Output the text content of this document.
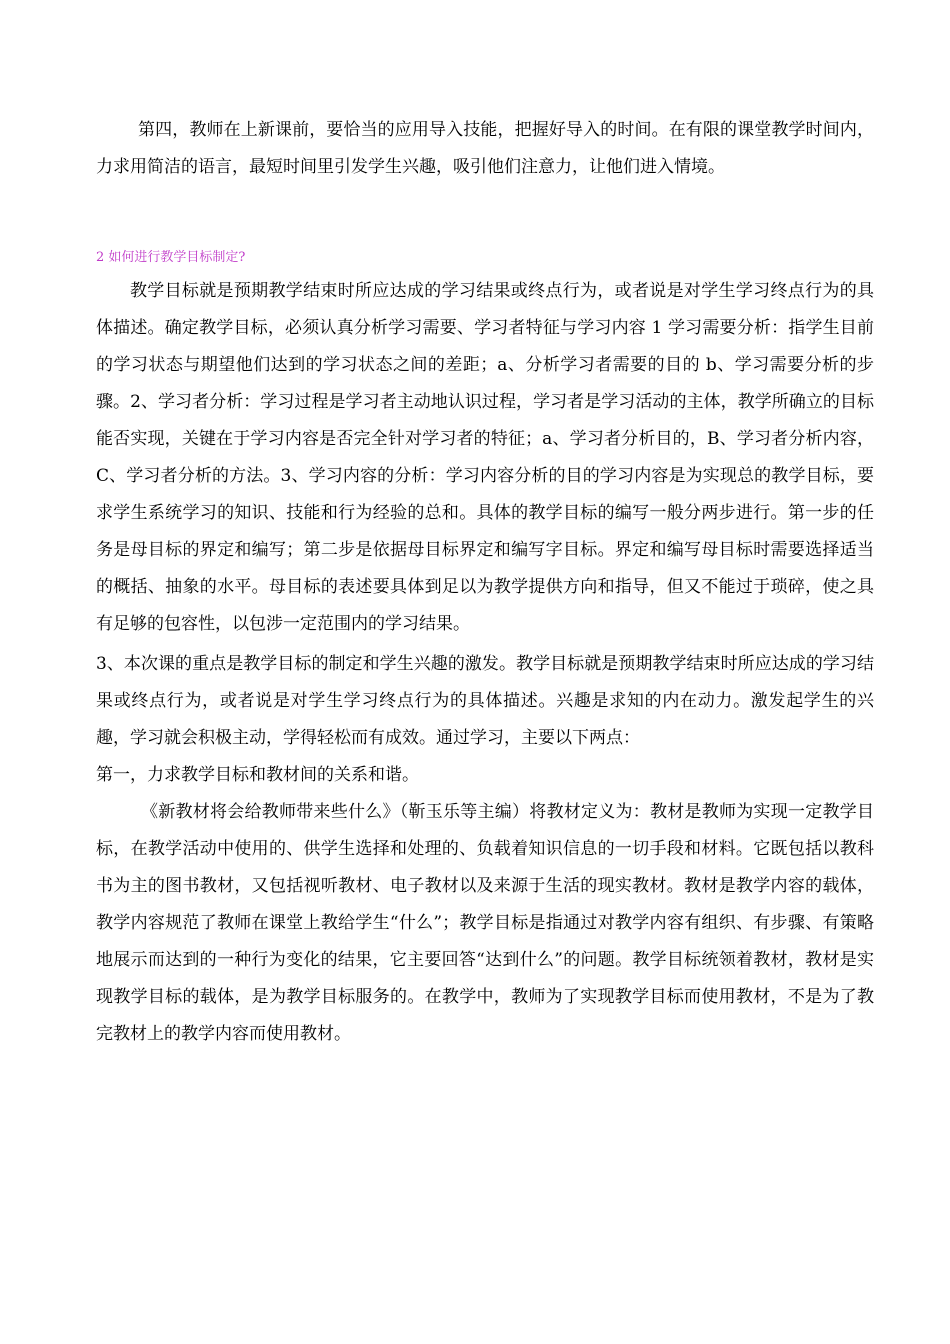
第四，教师在上新课前，要恰当的应用导入技能，把握好导入的时间。在有限的课堂教学时间内，力求用简洁的语言，最短时间里引发学生兴趣，吸引他们注意力，让他们进入情境。

2 如何进行教学目标制定?

教学目标就是预期教学结束时所应达成的学习结果或终点行为，或者说是对学生学习终点行为的具体描述。确定教学目标，必须认真分析学习需要、学习者特征与学习内容 1 学习需要分析：指学生目前的学习状态与期望他们达到的学习状态之间的差距；a、分析学习者需要的目的 b、学习需要分析的步骤。2、学习者分析：学习过程是学习者主动地认识过程，学习者是学习活动的主体，教学所确立的目标能否实现，关键在于学习内容是否完全针对学习者的特征；a、学习者分析目的，B、学习者分析内容，C、学习者分析的方法。3、学习内容的分析：学习内容分析的目的学习内容是为实现总的教学目标，要求学生系统学习的知识、技能和行为经验的总和。具体的教学目标的编写一般分两步进行。第一步的任务是母目标的界定和编写；第二步是依据母目标界定和编写字目标。界定和编写母目标时需要选择适当的概括、抽象的水平。母目标的表述要具体到足以为教学提供方向和指导，但又不能过于琐碎，使之具有足够的包容性，以包涉一定范围内的学习结果。

3、本次课的重点是教学目标的制定和学生兴趣的激发。教学目标就是预期教学结束时所应达成的学习结果或终点行为，或者说是对学生学习终点行为的具体描述。兴趣是求知的内在动力。激发起学生的兴趣，学习就会积极主动，学得轻松而有成效。通过学习，主要以下两点：

第一，力求教学目标和教材间的关系和谐。

《新教材将会给教师带来些什么》（靳玉乐等主编）将教材定义为：教材是教师为实现一定教学目标，在教学活动中使用的、供学生选择和处理的、负载着知识信息的一切手段和材料。它既包括以教科书为主的图书教材，又包括视听教材、电子教材以及来源于生活的现实教材。教材是教学内容的载体，教学内容规范了教师在课堂上教给学生“什么”；教学目标是指通过对教学内容有组织、有步骤、有策略地展示而达到的一种行为变化的结果，它主要回答“达到什么”的问题。教学目标统领着教材，教材是实现教学目标的载体，是为教学目标服务的。在教学中，教师为了实现教学目标而使用教材，不是为了教完教材上的教学内容而使用教材。
